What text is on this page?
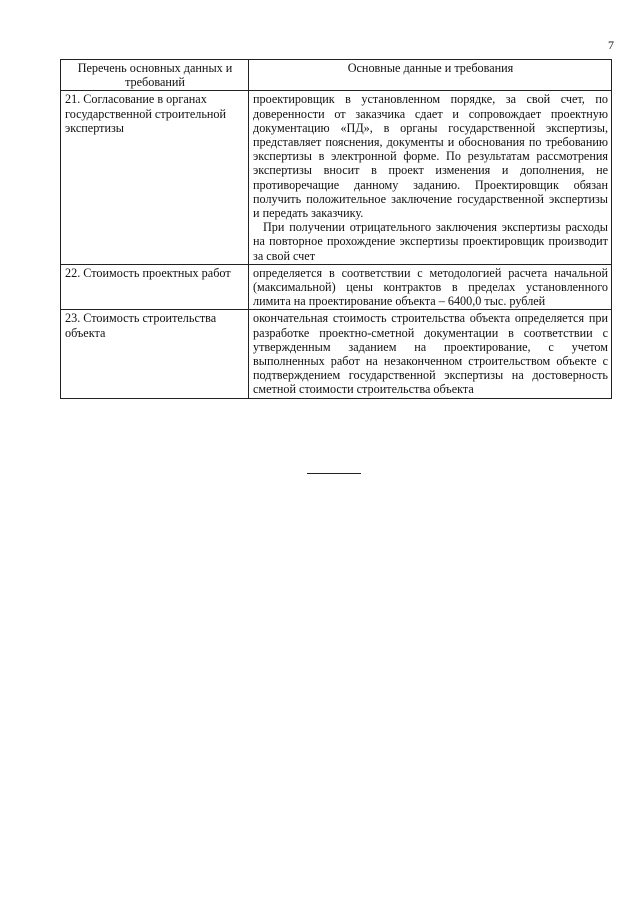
7
Перечень основных данных и требований	Основные данные и требования
21. Согласование в органах государственной строительной экспертизы	проектировщик в установленном порядке, за свой счет, по доверенности от заказчика сдает и сопровождает проектную документацию «ПД», в органы государственной экспертизы, представляет пояснения, документы и обоснования по требованию экспертизы в электронной форме. По результатам рассмотрения экспертизы вносит в проект изменения и дополнения, не противоречащие данному заданию. Проектировщик обязан получить положительное заключение государственной экспертизы и передать заказчику.

При получении отрицательного заключения экспертизы расходы на повторное прохождение экспертизы проектировщик производит за свой счет

22. Стоимость проектных работ	определяется в соответствии с методологией расчета начальной (максимальной) цены контрактов в пределах установленного лимита на проектирование объекта – 6400,0 тыс. рублей

23. Стоимость строительства объекта	окончательная стоимость строительства объекта определяется при разработке проектно-сметной документации в соответствии с утвержденным заданием на проектирование, с учетом выполненных работ на незаконченном строительством объекте с подтверждением государственной экспертизы на достоверность сметной стоимости строительства объекта
